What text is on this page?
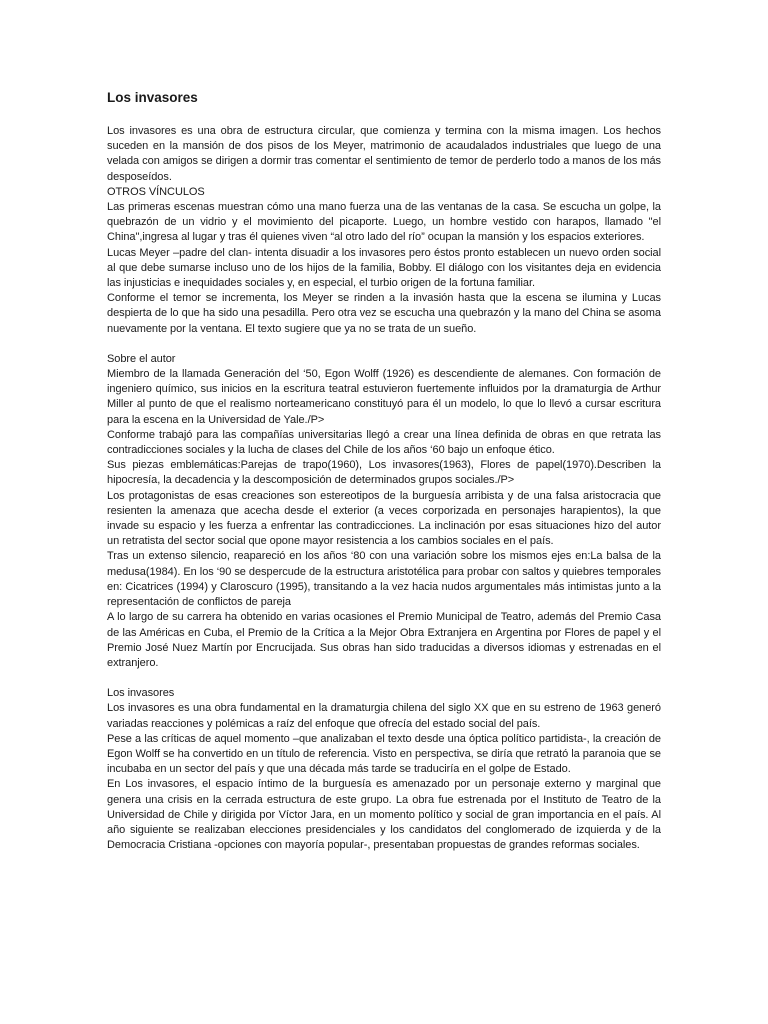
Los invasores

Los invasores es una obra de estructura circular, que comienza y termina con la misma imagen. Los hechos suceden en la mansión de dos pisos de los Meyer, matrimonio de acaudalados industriales que luego de una velada con amigos se dirigen a dormir tras comentar el sentimiento de temor de perderlo todo a manos de los más desposeídos.

OTROS VÍNCULOS

Las primeras escenas muestran cómo una mano fuerza una de las ventanas de la casa. Se escucha un golpe, la quebrazón de un vidrio y el movimiento del picaporte. Luego, un hombre vestido con harapos, llamado "el China",ingresa al lugar y tras él quienes viven “al otro lado del río” ocupan la mansión y los espacios exteriores.

Lucas Meyer –padre del clan- intenta disuadir a los invasores pero éstos pronto establecen un nuevo orden social al que debe sumarse incluso uno de los hijos de la familia, Bobby. El diálogo con los visitantes deja en evidencia las injusticias e inequidades sociales y, en especial, el turbio origen de la fortuna familiar.

Conforme el temor se incrementa, los Meyer se rinden a la invasión hasta que la escena se ilumina y Lucas despierta de lo que ha sido una pesadilla. Pero otra vez se escucha una quebrazón y la mano del China se asoma nuevamente por la ventana. El texto sugiere que ya no se trata de un sueño.

Sobre el autor

Miembro de la llamada Generación del ‘50, Egon Wolff (1926) es descendiente de alemanes. Con formación de ingeniero químico, sus inicios en la escritura teatral estuvieron fuertemente influidos por la dramaturgia de Arthur Miller al punto de que el realismo norteamericano constituyó para él un modelo, lo que lo llevó a cursar escritura para la escena en la Universidad de Yale./P>

Conforme trabajó para las compañías universitarias llegó a crear una línea definida de obras en que retrata las contradicciones sociales y la lucha de clases del Chile de los años ‘60 bajo un enfoque ético.

Sus piezas emblemáticas:Parejas de trapo(1960), Los invasores(1963), Flores de papel(1970).Describen la hipocresía, la decadencia y la descomposición de determinados grupos sociales./P>

Los protagonistas de esas creaciones son estereotipos de la burguesía arribista y de una falsa aristocracia que resienten la amenaza que acecha desde el exterior (a veces corporizada en personajes harapientos), la que invade su espacio y les fuerza a enfrentar las contradicciones. La inclinación por esas situaciones hizo del autor un retratista del sector social que opone mayor resistencia a los cambios sociales en el país.

Tras un extenso silencio, reapareció en los años ‘80 con una variación sobre los mismos ejes en:La balsa de la medusa(1984). En los ‘90 se despercude de la estructura aristotélica para probar con saltos y quiebres temporales en: Cicatrices (1994) y Claroscuro (1995), transitando a la vez hacia nudos argumentales más intimistas junto a la representación de conflictos de pareja

A lo largo de su carrera ha obtenido en varias ocasiones el Premio Municipal de Teatro, además del Premio Casa de las Américas en Cuba, el Premio de la Crítica a la Mejor Obra Extranjera en Argentina por Flores de papel y el Premio José Nuez Martín por Encrucijada. Sus obras han sido traducidas a diversos idiomas y estrenadas en el extranjero.

Los invasores

Los invasores es una obra fundamental en la dramaturgia chilena del siglo XX que en su estreno de 1963 generó variadas reacciones y polémicas a raíz del enfoque que ofrecía del estado social del país.

Pese a las críticas de aquel momento –que analizaban el texto desde una óptica político partidista-, la creación de Egon Wolff se ha convertido en un título de referencia. Visto en perspectiva, se diría que retrató la paranoia que se incubaba en un sector del país y que una década más tarde se traduciría en el golpe de Estado.

En Los invasores, el espacio íntimo de la burguesía es amenazado por un personaje externo y marginal que genera una crisis en la cerrada estructura de este grupo. La obra fue estrenada por el Instituto de Teatro de la Universidad de Chile y dirigida por Víctor Jara, en un momento político y social de gran importancia en el país. Al año siguiente se realizaban elecciones presidenciales y los candidatos del conglomerado de izquierda y de la Democracia Cristiana -opciones con mayoría popular-, presentaban propuestas de grandes reformas sociales.
